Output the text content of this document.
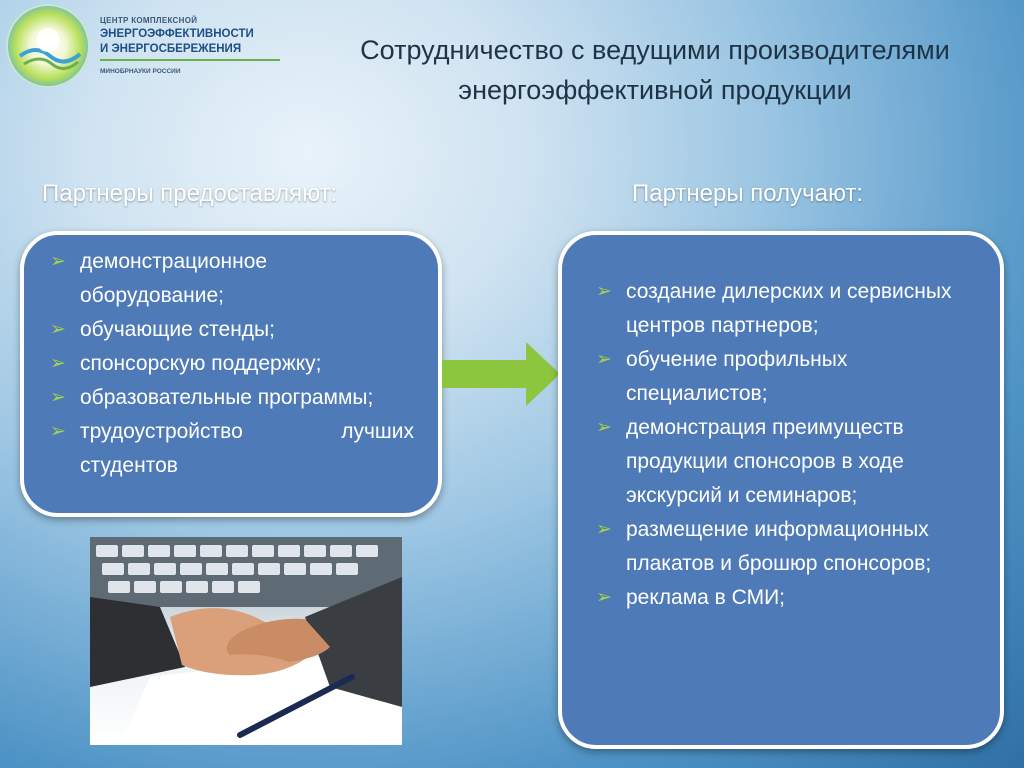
ЦЕНТР КОМПЛЕКСНОЙ
ЭНЕРГОЭФФЕКТИВНОСТИ
И ЭНЕРГОСБЕРЕЖЕНИЯ
МИНОБРНАУКИ РОССИИ
Сотрудничество с ведущими производителями
энергоэффективной продукции
Партнеры предоставляют:	Партнеры получают:
➢ демонстрационное оборудование;
➢ обучающие стенды;
➢ спонсорскую поддержку;
➢ образовательные программы;
➢ трудоустройство	лучших
студентов
➢ создание дилерских и сервисных центров партнеров;
➢ обучение профильных специалистов;
➢ демонстрация преимуществ продукции спонсоров в ходе экскурсий и семинаров;
➢ размещение информационных плакатов и брошюр спонсоров;
➢ реклама в СМИ;
